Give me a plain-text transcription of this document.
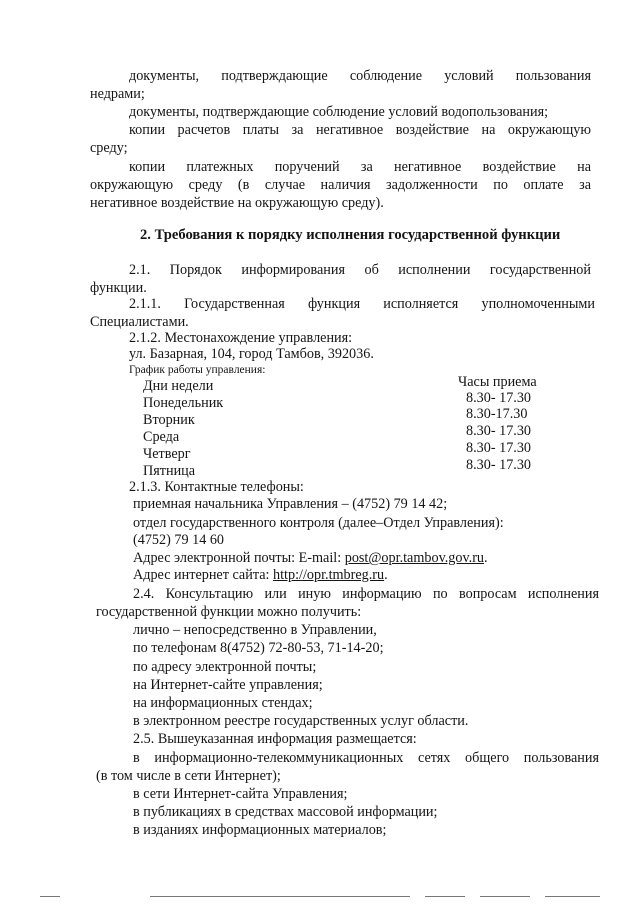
документы, подтверждающие соблюдение условий пользования
недрами;
документы, подтверждающие соблюдение условий водопользования;
копии расчетов платы за негативное воздействие на окружающую
среду;
копии платежных поручений за негативное воздействие на
окружающую среду (в случае наличия задолженности по оплате за
негативное воздействие на окружающую среду).
2. Требования к порядку исполнения государственной функции
2.1. Порядок информирования об исполнении государственной
функции.
2.1.1. Государственная функция исполняется уполномоченными
Специалистами.
2.1.2. Местонахождение управления:
ул. Базарная, 104, город Тамбов, 392036.
График работы управления:
Дни недели	Часы приема
Понедельник	8.30- 17.30
Вторник	8.30-17.30
Среда	8.30- 17.30
Четверг	8.30- 17.30
Пятница	8.30- 17.30
2.1.3. Контактные телефоны:
приемная начальника Управления – (4752) 79 14 42;
отдел государственного контроля (далее–Отдел Управления):
(4752) 79 14 60
Адрес электронной почты: E-mail: post@opr.tambov.gov.ru.
Адрес интернет сайта: http://opr.tmbreg.ru.
2.4. Консультацию или иную информацию по вопросам исполнения
государственной функции можно получить:
лично – непосредственно в Управлении,
по телефонам 8(4752) 72-80-53, 71-14-20;
по адресу электронной почты;
на Интернет-сайте управления;
на информационных стендах;
в электронном реестре государственных услуг области.
2.5. Вышеуказанная информация размещается:
в информационно-телекоммуникационных сетях общего пользования
(в том числе в сети Интернет);
в сети Интернет-сайта Управления;
в публикациях в средствах массовой информации;
в изданиях информационных материалов;
